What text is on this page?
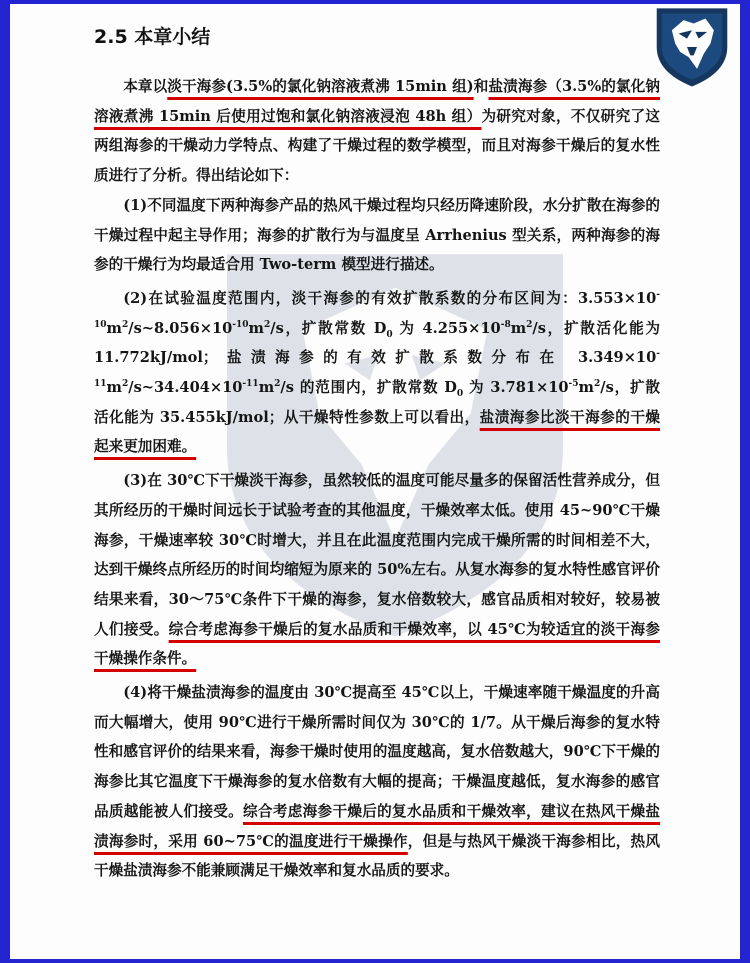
2.5 本章小结

本章以淡干海参(3.5%的氯化钠溶液煮沸 15min 组)和盐渍海参（3.5%的氯化钠溶液煮沸 15min 后使用过饱和氯化钠溶液浸泡 48h 组）为研究对象，不仅研究了这两组海参的干燥动力学特点、构建了干燥过程的数学模型，而且对海参干燥后的复水性质进行了分析。得出结论如下：

(1)不同温度下两种海参产品的热风干燥过程均只经历降速阶段，水分扩散在海参的干燥过程中起主导作用；海参的扩散行为与温度呈 Arrhenius 型关系，两种海参的海参的干燥行为均最适合用 Two-term 模型进行描述。

(2)在试验温度范围内，淡干海参的有效扩散系数的分布区间为：$3.553\times 10^{-10}m^2/s\sim 8.056\times 10^{-10}m^2/s$，扩散常数 $D_0$ 为 $4.255\times 10^{-8}m^2/s$，扩散活化能为 11.772kJ/mol；盐渍海参的有效扩散系数分布在 $3.349\times 10^{-11}m^2/s\sim 34.404\times 10^{-11}m^2/s$ 的范围内，扩散常数 $D_0$ 为 $3.781\times 10^{-5}m^2/s$，扩散活化能为 35.455kJ/mol；从干燥特性参数上可以看出，盐渍海参比淡干海参的干燥起来更加困难。

(3)在 30℃下干燥淡干海参，虽然较低的温度可能尽量多的保留活性营养成分，但其所经历的干燥时间远长于试验考查的其他温度，干燥效率太低。使用 45~90℃干燥海参，干燥速率较 30℃时增大，并且在此温度范围内完成干燥所需的时间相差不大，达到干燥终点所经历的时间均缩短为原来的 50%左右。从复水海参的复水特性感官评价结果来看，30～75℃条件下干燥的海参，复水倍数较大，感官品质相对较好，较易被人们接受。综合考虑海参干燥后的复水品质和干燥效率，以 45℃为较适宜的淡干海参干燥操作条件。

(4)将干燥盐渍海参的温度由 30℃提高至 45℃以上，干燥速率随干燥温度的升高而大幅增大，使用 90℃进行干燥所需时间仅为 30℃的 1/7。从干燥后海参的复水特性和感官评价的结果来看，海参干燥时使用的温度越高，复水倍数越大，90℃下干燥的海参比其它温度下干燥海参的复水倍数有大幅的提高；干燥温度越低，复水海参的感官品质越能被人们接受。综合考虑海参干燥后的复水品质和干燥效率，建议在热风干燥盐渍海参时，采用 60~75℃的温度进行干燥操作，但是与热风干燥淡干海参相比，热风干燥盐渍海参不能兼顾满足干燥效率和复水品质的要求。
